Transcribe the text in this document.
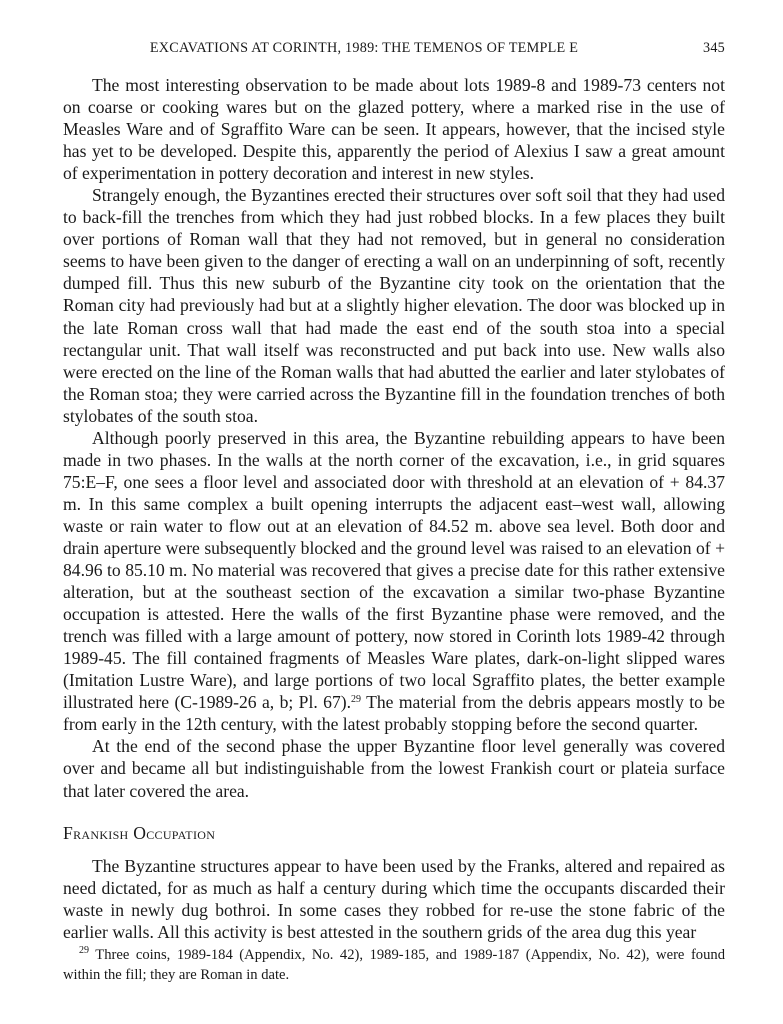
EXCAVATIONS AT CORINTH, 1989: THE TEMENOS OF TEMPLE E	345

The most interesting observation to be made about lots 1989-8 and 1989-73 centers not on coarse or cooking wares but on the glazed pottery, where a marked rise in the use of Measles Ware and of Sgraffito Ware can be seen. It appears, however, that the incised style has yet to be developed. Despite this, apparently the period of Alexius I saw a great amount of experimentation in pottery decoration and interest in new styles.

Strangely enough, the Byzantines erected their structures over soft soil that they had used to back-fill the trenches from which they had just robbed blocks. In a few places they built over portions of Roman wall that they had not removed, but in general no consideration seems to have been given to the danger of erecting a wall on an underpinning of soft, recently dumped fill. Thus this new suburb of the Byzantine city took on the orientation that the Roman city had previously had but at a slightly higher elevation. The door was blocked up in the late Roman cross wall that had made the east end of the south stoa into a special rectangular unit. That wall itself was reconstructed and put back into use. New walls also were erected on the line of the Roman walls that had abutted the earlier and later stylobates of the Roman stoa; they were carried across the Byzantine fill in the foundation trenches of both stylobates of the south stoa.

Although poorly preserved in this area, the Byzantine rebuilding appears to have been made in two phases. In the walls at the north corner of the excavation, i.e., in grid squares 75:E–F, one sees a floor level and associated door with threshold at an elevation of + 84.37 m. In this same complex a built opening interrupts the adjacent east–west wall, allowing waste or rain water to flow out at an elevation of 84.52 m. above sea level. Both door and drain aperture were subsequently blocked and the ground level was raised to an elevation of + 84.96 to 85.10 m. No material was recovered that gives a precise date for this rather extensive alteration, but at the southeast section of the excavation a similar two-phase Byzantine occupation is attested. Here the walls of the first Byzantine phase were removed, and the trench was filled with a large amount of pottery, now stored in Corinth lots 1989-42 through 1989-45. The fill contained fragments of Measles Ware plates, dark-on-light slipped wares (Imitation Lustre Ware), and large portions of two local Sgraffito plates, the better example illustrated here (C-1989-26 a, b; Pl. 67).$^{29}$ The material from the debris appears mostly to be from early in the 12th century, with the latest probably stopping before the second quarter.

At the end of the second phase the upper Byzantine floor level generally was covered over and became all but indistinguishable from the lowest Frankish court or plateia surface that later covered the area.

Frankish Occupation

The Byzantine structures appear to have been used by the Franks, altered and repaired as need dictated, for as much as half a century during which time the occupants discarded their waste in newly dug bothroi. In some cases they robbed for re-use the stone fabric of the earlier walls. All this activity is best attested in the southern grids of the area dug this year

$^{29}$ Three coins, 1989-184 (Appendix, No. 42), 1989-185, and 1989-187 (Appendix, No. 42), were found within the fill; they are Roman in date.
